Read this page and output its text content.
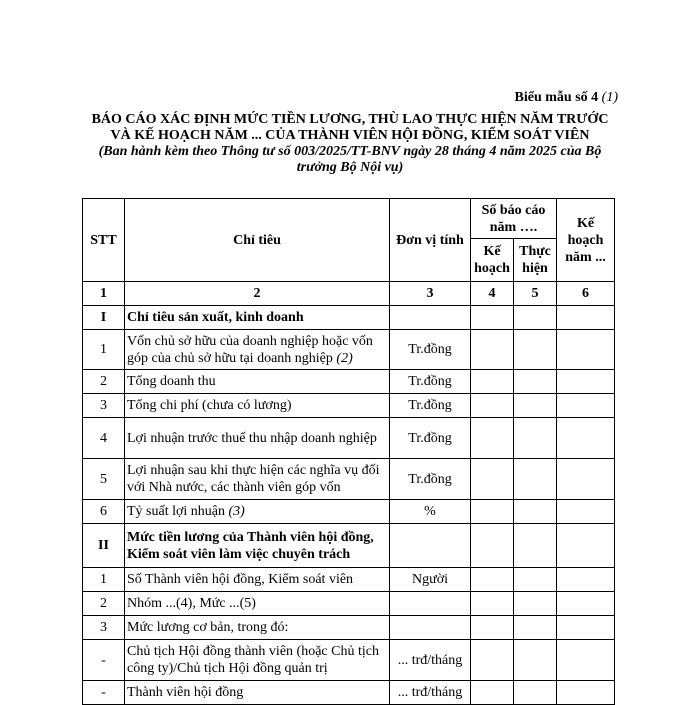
Biểu mẫu số 4 (1)
BÁO CÁO XÁC ĐỊNH MỨC TIỀN LƯƠNG, THÙ LAO THỰC HIỆN NĂM TRƯỚC
VÀ KẾ HOẠCH NĂM ... CỦA THÀNH VIÊN HỘI ĐỒNG, KIỂM SOÁT VIÊN
(Ban hành kèm theo Thông tư số 003/2025/TT-BNV ngày 28 tháng 4 năm 2025 của Bộ trưởng Bộ Nội vụ)
STT	Chỉ tiêu	Đơn vị tính	Số báo cáo năm ….		Kế hoạch năm ...
			Kế hoạch	Thực hiện	
1	2	3	4	5	6
I	Chỉ tiêu sản xuất, kinh doanh				
1	Vốn chủ sở hữu của doanh nghiệp hoặc vốn góp của chủ sở hữu tại doanh nghiệp (2)	Tr.đồng			
2	Tổng doanh thu	Tr.đồng			
3	Tổng chi phí (chưa có lương)	Tr.đồng			
4	Lợi nhuận trước thuế thu nhập doanh nghiệp	Tr.đồng			
5	Lợi nhuận sau khi thực hiện các nghĩa vụ đối với Nhà nước, các thành viên góp vốn	Tr.đồng			
6	Tỷ suất lợi nhuận (3)	%			
II	Mức tiền lương của Thành viên hội đồng, Kiểm soát viên làm việc chuyên trách				
1	Số Thành viên hội đồng, Kiểm soát viên	Người			
2	Nhóm ...(4), Mức ...(5)				
3	Mức lương cơ bản, trong đó:				
-	Chủ tịch Hội đồng thành viên (hoặc Chủ tịch công ty)/Chủ tịch Hội đồng quản trị	... trđ/tháng			
-	Thành viên hội đồng	... trđ/tháng			
